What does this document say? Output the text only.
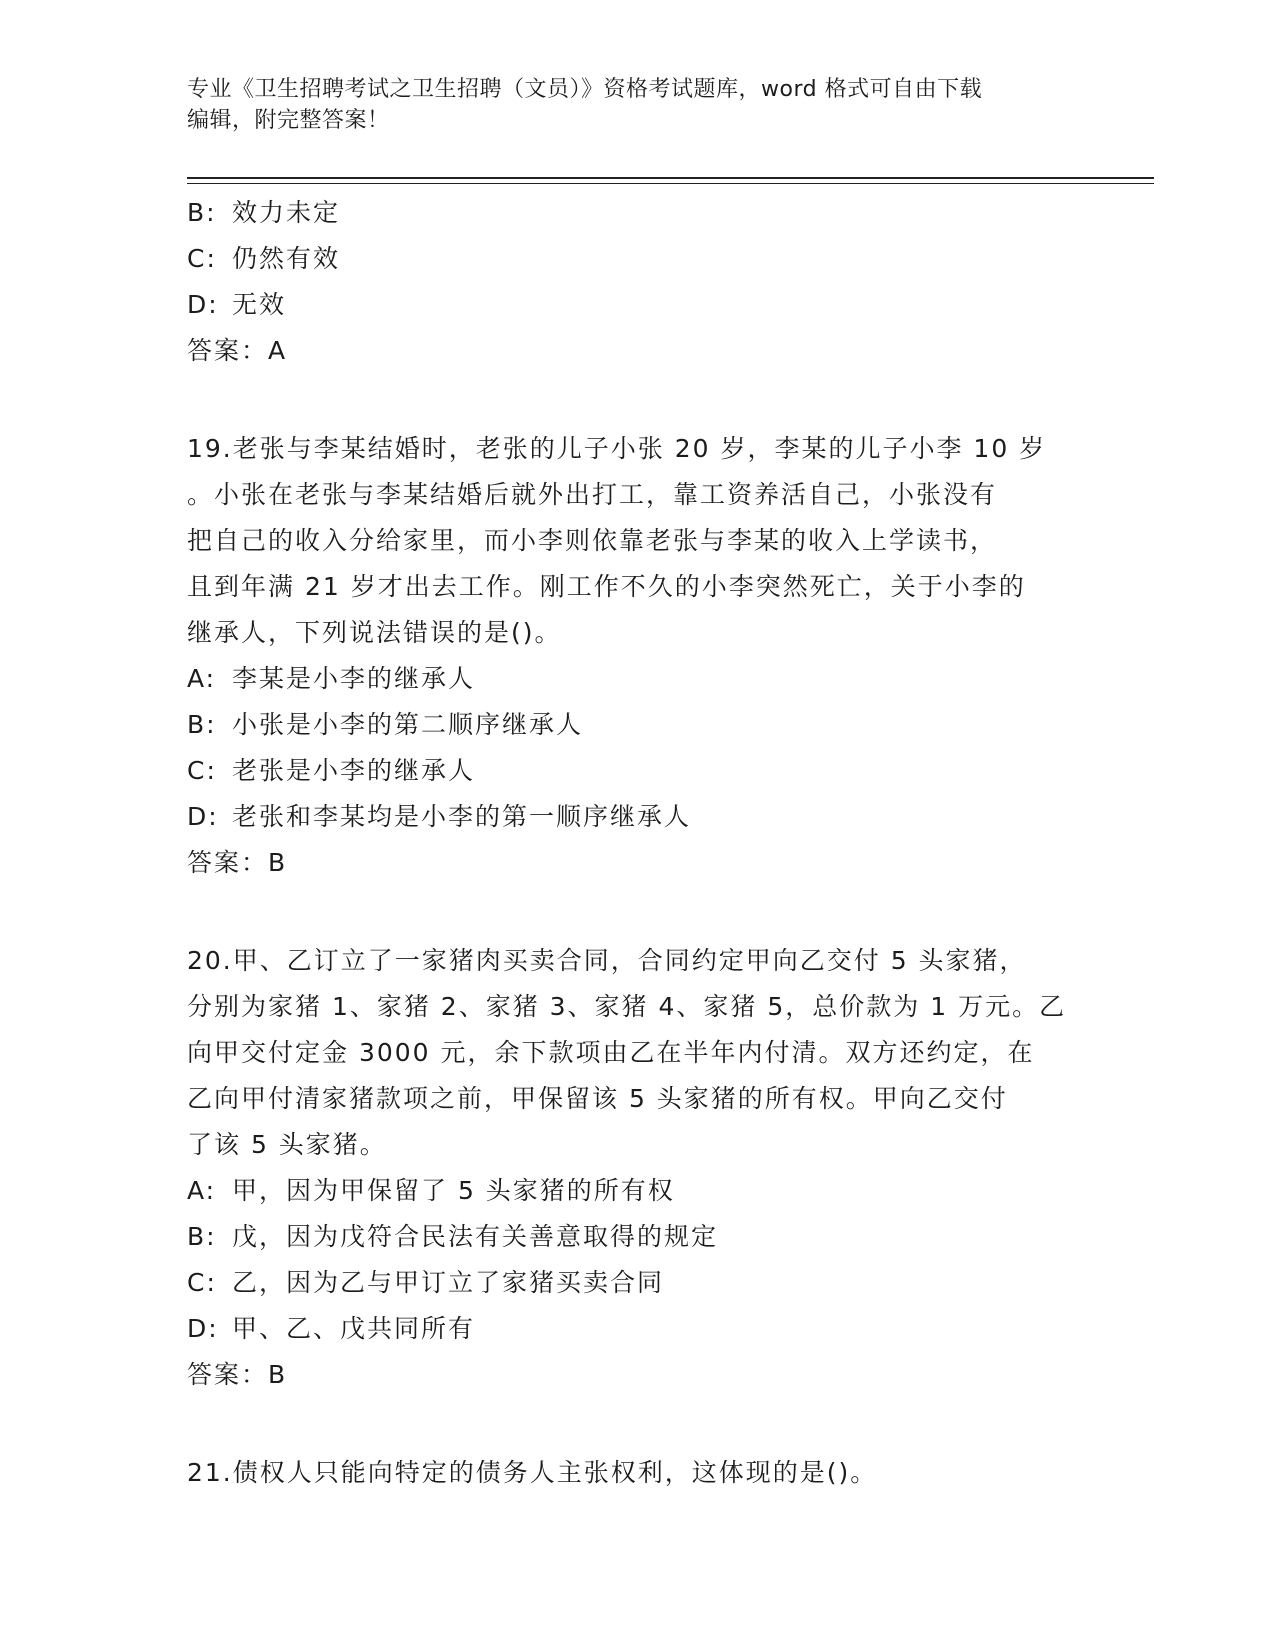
专业《卫生招聘考试之卫生招聘（文员）》资格考试题库，word 格式可自由下载
编辑，附完整答案！
B: 效力未定
C: 仍然有效
D: 无效
答案：A
19.老张与李某结婚时，老张的儿子小张 20 岁，李某的儿子小李 10 岁
。小张在老张与李某结婚后就外出打工，靠工资养活自己，小张没有
把自己的收入分给家里，而小李则依靠老张与李某的收入上学读书，
且到年满 21 岁才出去工作。刚工作不久的小李突然死亡，关于小李的
继承人，下列说法错误的是()。
A: 李某是小李的继承人
B: 小张是小李的第二顺序继承人
C: 老张是小李的继承人
D: 老张和李某均是小李的第一顺序继承人
答案：B
20.甲、乙订立了一家猪肉买卖合同，合同约定甲向乙交付 5 头家猪，
分别为家猪 1、家猪 2、家猪 3、家猪 4、家猪 5，总价款为 1 万元。乙
向甲交付定金 3000 元，余下款项由乙在半年内付清。双方还约定，在
乙向甲付清家猪款项之前，甲保留该 5 头家猪的所有权。甲向乙交付
了该 5 头家猪。
A: 甲，因为甲保留了 5 头家猪的所有权
B: 戊，因为戊符合民法有关善意取得的规定
C: 乙，因为乙与甲订立了家猪买卖合同
D: 甲、乙、戊共同所有
答案：B
21.债权人只能向特定的债务人主张权利，这体现的是()。
